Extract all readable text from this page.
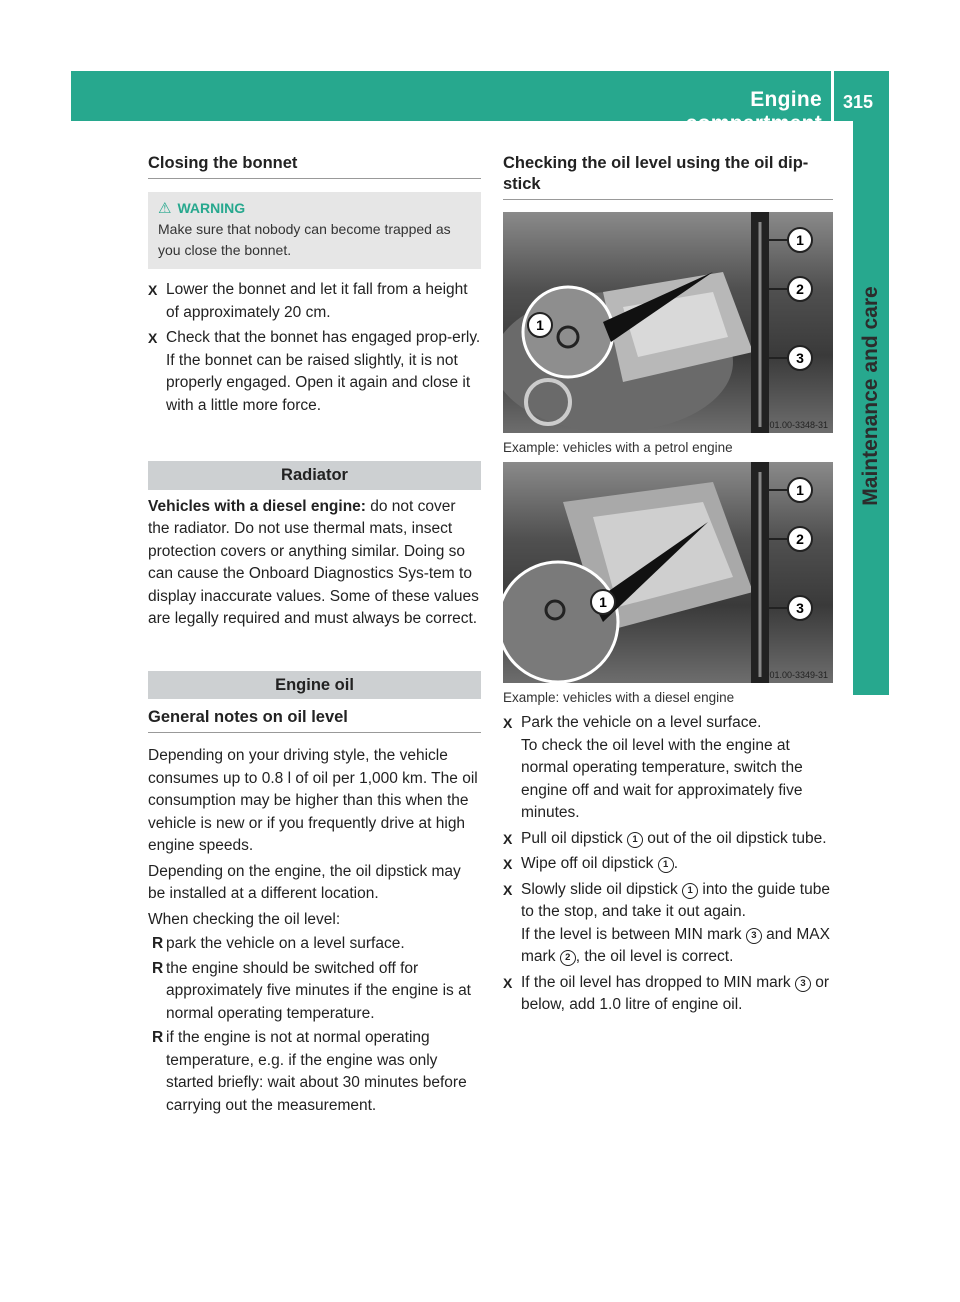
Engine compartment
315
Maintenance and care
Closing the bonnet
⚠ WARNING

Make sure that nobody can become trapped as you close the bonnet.

X Lower the bonnet and let it fall from a height of approximately 20 cm.
X Check that the bonnet has engaged prop-erly.

If the bonnet can be raised slightly, it is not properly engaged. Open it again and close it with a little more force.

Radiator

Vehicles with a diesel engine: do not cover the radiator. Do not use thermal mats, insect protection covers or anything similar. Doing so can cause the Onboard Diagnostics Sys-tem to display inaccurate values. Some of these values are legally required and must always be correct.

Engine oil
General notes on oil level

Depending on your driving style, the vehicle consumes up to 0.8 l of oil per 1,000 km. The oil consumption may be higher than this when the vehicle is new or if you frequently drive at high engine speeds.

Depending on the engine, the oil dipstick may be installed at a different location.

When checking the oil level:

R park the vehicle on a level surface.
R the engine should be switched off for approximately five minutes if the engine is at normal operating temperature.
R if the engine is not at normal operating temperature, e.g. if the engine was only started briefly: wait about 30 minutes before carrying out the measurement.
Checking the oil level using the oil dip-stick
1
1
2
3
P01.00-3348-31

Example: vehicles with a petrol engine

1
1
2
3
P01.00-3349-31

Example: vehicles with a diesel engine

X Park the vehicle on a level surface.

To check the oil level with the engine at normal operating temperature, switch the engine off and wait for approximately five minutes.

X Pull oil dipstick 1 out of the oil dipstick tube.
X Wipe off oil dipstick 1 .
X Slowly slide oil dipstick 1 into the guide tube to the stop, and take it out again.

If the level is between MIN mark 3 and MAX mark 2 , the oil level is correct.

X If the oil level has dropped to MIN mark 3 or below, add 1.0 litre of engine oil.
